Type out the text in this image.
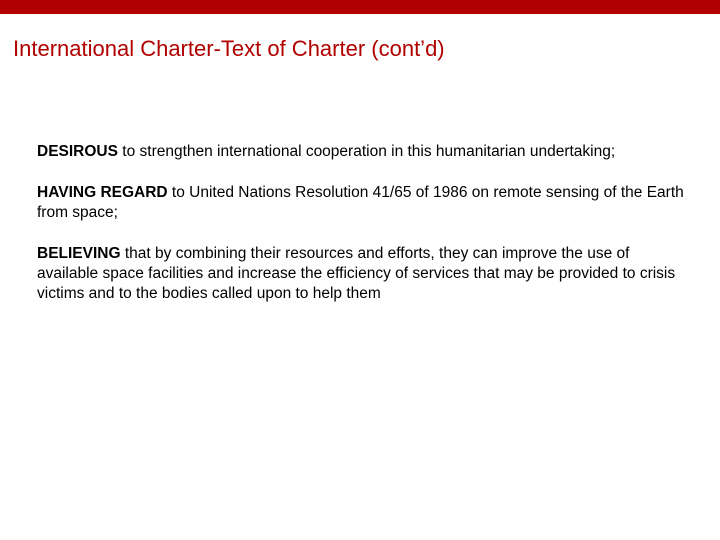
International Charter-Text of Charter (cont’d)

DESIROUS to strengthen international cooperation in this humanitarian undertaking;

HAVING REGARD to United Nations Resolution 41/65 of 1986 on remote sensing of the Earth from space;

BELIEVING that by combining their resources and efforts, they can improve the use of available space facilities and increase the efficiency of services that may be provided to crisis victims and to the bodies called upon to help them
